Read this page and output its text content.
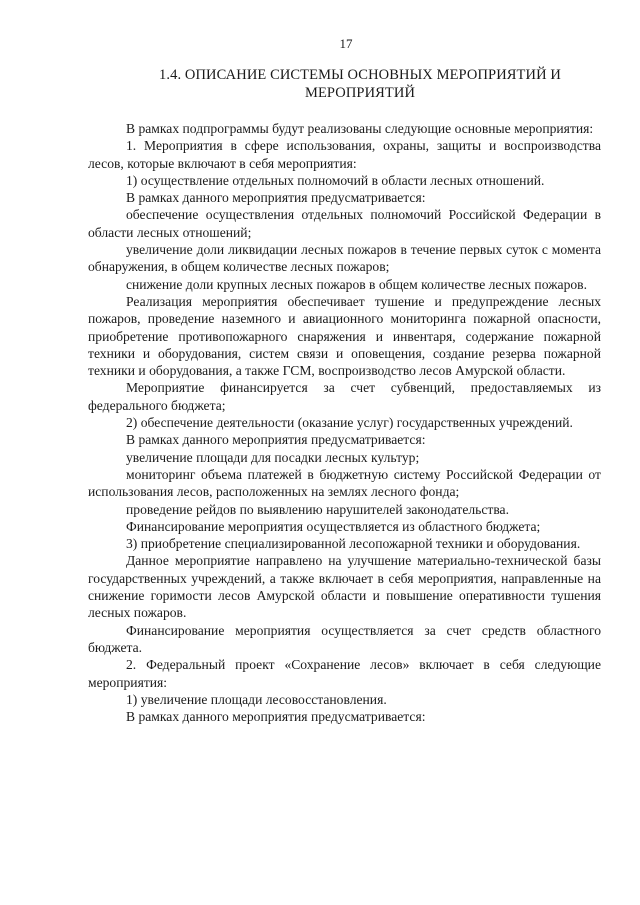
17
1.4. ОПИСАНИЕ СИСТЕМЫ ОСНОВНЫХ МЕРОПРИЯТИЙ И
МЕРОПРИЯТИЙ

В рамках подпрограммы будут реализованы следующие основные мероприятия:

1. Мероприятия в сфере использования, охраны, защиты и воспроизводства лесов, которые включают в себя мероприятия:

1) осуществление отдельных полномочий в области лесных отношений.

В рамках данного мероприятия предусматривается:

обеспечение осуществления отдельных полномочий Российской Федерации в области лесных отношений;

увеличение доли ликвидации лесных пожаров в течение первых суток с момента обнаружения, в общем количестве лесных пожаров;

снижение доли крупных лесных пожаров в общем количестве лесных пожаров.

Реализация мероприятия обеспечивает тушение и предупреждение лесных пожаров, проведение наземного и авиационного мониторинга пожарной опасности, приобретение противопожарного снаряжения и инвентаря, содержание пожарной техники и оборудования, систем связи и оповещения, создание резерва пожарной техники и оборудования, а также ГСМ, воспроизводство лесов Амурской области.

Мероприятие финансируется за счет субвенций, предоставляемых из федерального бюджета;

2) обеспечение деятельности (оказание услуг) государственных учреждений.

В рамках данного мероприятия предусматривается:

увеличение площади для посадки лесных культур;

мониторинг объема платежей в бюджетную систему Российской Федерации от использования лесов, расположенных на землях лесного фонда;

проведение рейдов по выявлению нарушителей законодательства.

Финансирование мероприятия осуществляется из областного бюджета;

3) приобретение специализированной лесопожарной техники и оборудования.

Данное мероприятие направлено на улучшение материально-технической базы государственных учреждений, а также включает в себя мероприятия, направленные на снижение горимости лесов Амурской области и повышение оперативности тушения лесных пожаров.

Финансирование мероприятия осуществляется за счет средств областного бюджета.

2. Федеральный проект «Сохранение лесов» включает в себя следующие мероприятия:

1) увеличение площади лесовосстановления.

В рамках данного мероприятия предусматривается:
